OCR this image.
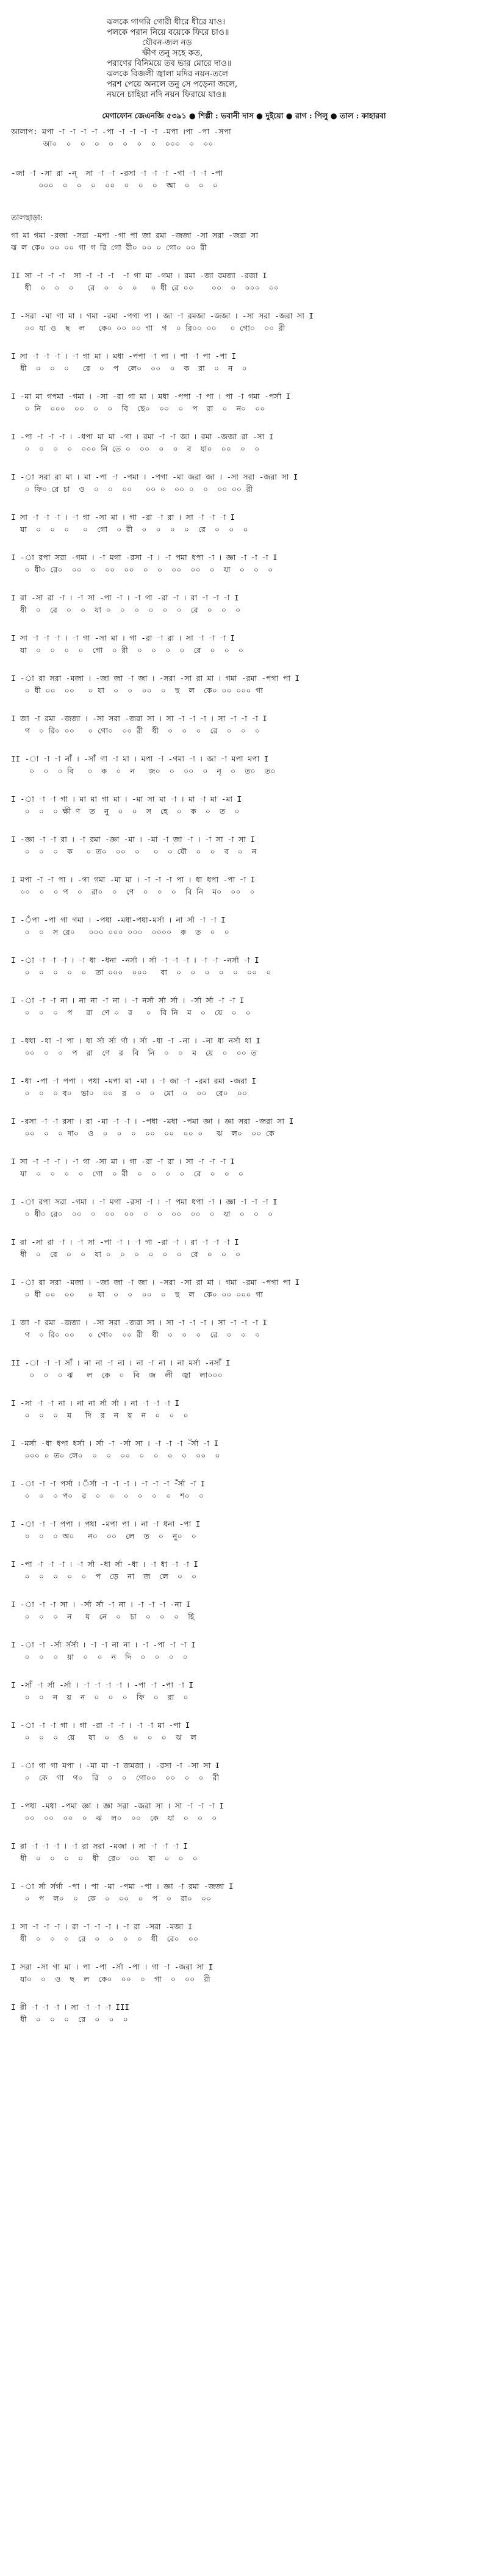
ঝলকে গাগরি গোরী ধীরে ধীরে যাও।
পলকে পরান নিয়ে বয়েকে ফিরে চাও॥
যৌবন-জল নড়
ক্ষীণ তনু সহে কত,
পরাণের বিনিময়ে তব ভার মোরে দাও॥
ঝলকে বিজলী জ্বালা মদির নয়ন-তলে
পরশ পেয়ে অনলে তনু সে পড়েনা জলে,
নয়নে চাহিয়া নদি নয়ন ফিরায়ে যাও॥
মেগাফোন জেএনজি ৫৩৯১ ● শিল্পী : ভবানী দাস ● দুইয়ো ● রাগ : পিলু ● তাল : কাহারবা
আলাপ: মপা -া -া -া -া -পা -া -া -া -া -মপা ।পা -পা -সপা
আ০  ০  ০  ০  ০  ০  ০  ০  ০০০  ০  ০০
-জা -া -সা রা -ন্  সা -া -া -রসা -া -া -া -গা -া -া -পা
০০০  ০  ০  ০  ০০  ০  ০  ০  আ  ০  ০  ০
তালছাড়া:
গা মা গমা -রজা -সরা -মপা -গা পা জা রমা -জজা -সা সরা -জরা সা
ঝ ল কে০ ০০ ০০ গা গ রি গো রী০ ০০ ০ গো০ ০০ রী
II সা -া -া -া  সা -া -া -া  -া গা মা -গমা । রমা -জা রমজা -রজা I
ধী  ০  ০  ০   রে  ০  ০  ০   ০ ধী রে ০০    ০০  ০  ০০০  ০০
I -সরা -মা গা মা । গমা -রমা -পগা পা । জা -া রমজা -জজা । -সা সরা -জরা সা I
০০ যা ও  ছ  ল   কে০ ০০ ০০ গা  গ  ০ রি০০ ০০   ০ গো০  ০০ রী
I সা -া -া -া । -া গা মা । মধা -পপা -া পা । পা -া পা -পা I
ধী  ০  ০  ০   রে  ০  প  লে০  ০০  ০  ক  রা  ০  ন  ০
I -মা মা গপমা -গমা । -সা -রা গা মা । মধা -পপা -া পা । পা -া গমা -পর্সা I
০ নি  ০০০  ০০  ০  ০  বি  ছে০  ০০  ০  প  রা  ০  ন০  ০০
I -পা -া -া -া । -ধপা মা মা -গা । রমা -া -া জা । রমা -জজা রা -সা I
০  ০  ০  ০  ০০০ নি তে ০  ০০  ০  ০  ব  যা০  ০০  ০  ০
I -া সরা রা মা । মা -পা -া -পমা । -পগা -মা জরা জা । -সা সরা -জরা সা I
০ ফি০ রে চা  ও  ০  ০  ০০   ০০ ০  ০০ ০  ০  ০০ ০০ রী
I সা -া -া -া । -া গা -সা মা । গা -রা -া রা । সা -া -া -া I
যা  ০  ০  ০   ০  গো  ০ রী  ০  ০  ০  ০  রে  ০  ০  ০
I -া রপা সরা -গমা । -া মগা -রসা -া । -া পমা ধপা -া । জ্ঞা -া -া -া I
০ ধী০ রে০  ০০  ০  ০০  ০০  ০  ০  ০০  ০০  ০  যা  ০  ০  ০
I রা -সা রা -া । -া সা -পা -া । -া গা -রা -া । রা -া -া -া I
ধী  ০  রে  ০  ০  যা ০  ০  ০  ০  ০  ০  রে  ০  ০  ০
I সা -া -া -া । -া গা -সা মা । গা -রা -া রা । সা -া -া -া I
যা  ০  ০  ০  ০  গো  ০ রী  ০  ০  ০  ০  রে  ০  ০  ০
I -া রা সরা -মজা । -জা জা -া জা । -সরা -সা রা মা । গমা -রমা -পগা পা I
০ ধী ০০  ০০   ০ যা  ০  ০  ০০  ০  ছ  ল  কে০ ০০ ০০০ গা
I জা -া রমা -জজা । -সা সরা -জরা সা । সা -া -া -া । সা -া -া -া I
গ  ০ রি০ ০০   ০ গো০  ০০ রী  ধী  ০  ০  ০  রে  ০  ০  ০
II -া -া -া নাঁ । -সাঁ গা -া মা । মপা -া -গমা -া । জা -া মপা মপা I
০  ০  ০ বি   ০  ক  ০  ন   জ০  ০  ০০  ০  নৃ  ০  ত০  ত০
I -া -া -া গা । মা মা গা মা । -মা সা মা -া । মা -া মা -মা I
০  ০  ০ ক্ষী ণ  ত  নু  ০  ০  স  হে  ০  ক  ০  ত  ০
I -জ্ঞা -া -া রা । -া রমা -জ্ঞা -মা । -মা -া জা -া । -া সা -া সা I
০  ০  ০  ক   ০ ত০  ০০  ০   ০  ০ যৌ  ০  ০  ব  ০  ন
I মপা -া -া পা । -গা গমা -মা মা । -া -া -া পা । ধা ধপা -পা -া I
০০  ০  ০ প  ০  রা০  ০  ণে  ০  ০  ০  বি নি  ম০  ০০  ০
I -ঁপা -পা গা গমা । -পধা -মধা-পধা-মর্সা । না র্সা -া -া I
০  ০  স রে০   ০০০ ০০০ ০০০  ০০০০  ক  ত  ০  ০
I -া -া -া -া । -া ধা -ধনা -নর্সা । র্সা -া -া -া । -া -া -নর্সা -া I
০  ০  ০  ০  ০  তা ০০০  ০০০   বা  ০  ০  ০  ০  ০  ০০  ০
I -া -া -া না । না না -া না । -া নর্সা র্সা র্সা । -র্সা র্সা -া -া I
০  ০  ০  প   রা  ণে ০  র   ০  বি নি  ম  ০  য়ে  ০  ০
I -ধধা -ধা -া পা । ধা র্সা র্সা র্গা । র্সা -ধা -া -না । -না ধা নর্সা ধা I
০০  ০  ০  প  রা  ণে  র  বি  নি  ০  ০  ম  য়ে  ০  ০০ ত
I -ধা -পা -া পপা । পধা -মপা মা -মা । -া জা -া -রমা রমা -জরা I
০  ০  ০ ব০  ভা০  ০০  র  ০  ০  মো  ০  ০০  রে০  ০০
I -রসা -া -া রসা । রা -মা -া -া । -পধা -মধা -পমা জ্ঞা । জ্ঞা সরা -জরা সা I
০০  ০  ০ দা০  ও  ০  ০  ০  ০০  ০০  ০০ ০   ঝ  ল০  ০০ কে
I সা -া -া -া । -া গা -সা মা । গা -রা -া রা । সা -া -া -া I
যা  ০  ০  ০  ০  গো  ০ রী  ০  ০  ০  ০  রে  ০  ০  ০
I -া রপা সরা -গমা । -া মগা -রসা -া । -া পমা ধপা -া । জ্ঞা -া -া -া I
০ ধী০ রে০  ০০  ০  ০০  ০০  ০  ০  ০০  ০০  ০  যা  ০  ০  ০
I রা -সা রা -া । -া সা -পা -া । -া গা -রা -া । রা -া -া -া I
ধী  ০  রে  ০  ০  যা ০  ০  ০  ০  ০  ০  রে  ০  ০  ০
I -া রা সরা -মজা । -জা জা -া জা । -সরা -সা রা মা । গমা -রমা -পগা পা I
০ ধী ০০  ০০   ০ যা  ০  ০  ০০  ০  ছ  ল  কে০ ০০ ০০০ গা
I জা -া রমা -জজা । -সা সরা -জরা সা । সা -া -া -া । সা -া -া -া I
গ  ০ রি০ ০০   ০ গো০  ০০ রী  ধী  ০  ০  ০  রে  ০  ০  ০
II -া -া -া সাঁ । না না -া না । না -া না । না মর্সা -নসাঁ I
০  ০  ০ ঝ   ল  কে  ০  বি  জ  লী  জ্বা  লা০০০
I -সা -া -া না । না না র্সা র্সা । না -া -া -া I
০  ০  ০  ম   দি  র  ন  য়  ন  ০  ০  ০
I -মর্সা -ধা ধপা ধর্সা । র্সা -া -র্সা সা । -া -া -া -ঁর্সা -া I
০০০ ০ ত০ লে০  ০  ০  ০০  ০  ০  ০  ০  ০০  ০
I -া -া -া পর্সা । ঁর্সা -া -া -া । -া -া -া -ঁর্সা -া I
০  ০  ০ প০  র  ০  ০  ০  ০  ০  ০  শ০  ০
I -া -া -া পপা । পধা -মপা পা । না -া ধনা -পা I
০  ০  ০ অ০   ন০  ০০  লে  ত  ০  নু০  ০
I -পা -া -া -া । -া র্সা -ধা র্সা -ধা । -া ধা -া -া I
০  ০  ০  ০  ০  প  ড়ে  না  জ  লে  ০  ০
I -া -া -া সা । -র্সা র্সা -া না । -া -া -া -না I
০  ০  ০  ন   য়  নে  ০  চা  ০  ০  ০  হি
I -া -া -র্সা র্সর্সা । -া -া না না । -া -পা -া -া I
০  ০  ০  য়া  ০  ০  ন  দি  ০  ০  ০  ০
I -সাঁ -া র্সা -র্সা । -া -া -া -া । -পা -া -পা -া I
০  ০  ন  য়  ন  ০  ০  ০  ফি  ০  রা  ০
I -া -া -া গা । গা -রা -া -া । -া -া মা -পা I
০  ০  ০  য়ে   যা  ০  ও  ০  ০  ০  ঝ  ল
I -া গা গা মপা । -মা মা -া জমজা । -রসা -া -সা সা I
০  কে  গা  গ০  রি  ০  ০  গো০০  ০০  ০  ০  রী
I -পধা -মধা -পমা জ্ঞা । জ্ঞা সরা -জরা সা । সা -া -া -া I
০০  ০০  ০০  ০  ঝ  ল০  ০০  কে  যা  ০  ০  ০
I রা -া -া -া । -া রা সরা -মজা । সা -া -া -া I
ধী  ০  ০  ০  ০  ধী  রে০  ০০  যা  ০  ০  ০
I -া র্সা র্সর্গা -পা । পা -মা -পমা -পা । জ্ঞা -া রমা -জজা I
০  প  ল০  ০  কে  ০  ০০  ০  প  ০  রা০  ০০
I সা -া -া -া । রা -া -া -া । -া রা -সরা -মজা I
ধী  ০  ০  ০  রে  ০  ০  ০  ০  ধী  রে০  ০০
I সরা -সা গা মা । পা -পা -র্সা -পা । গা -া -জরা সা I
যা০  ০  ও  ছ  ল  কে০  ০০  ০  গা  ০  ০০  রী
I রী -া -া -া । সা -া -া -া III
ধী  ০  ০  ০  রে  ০  ০  ০
